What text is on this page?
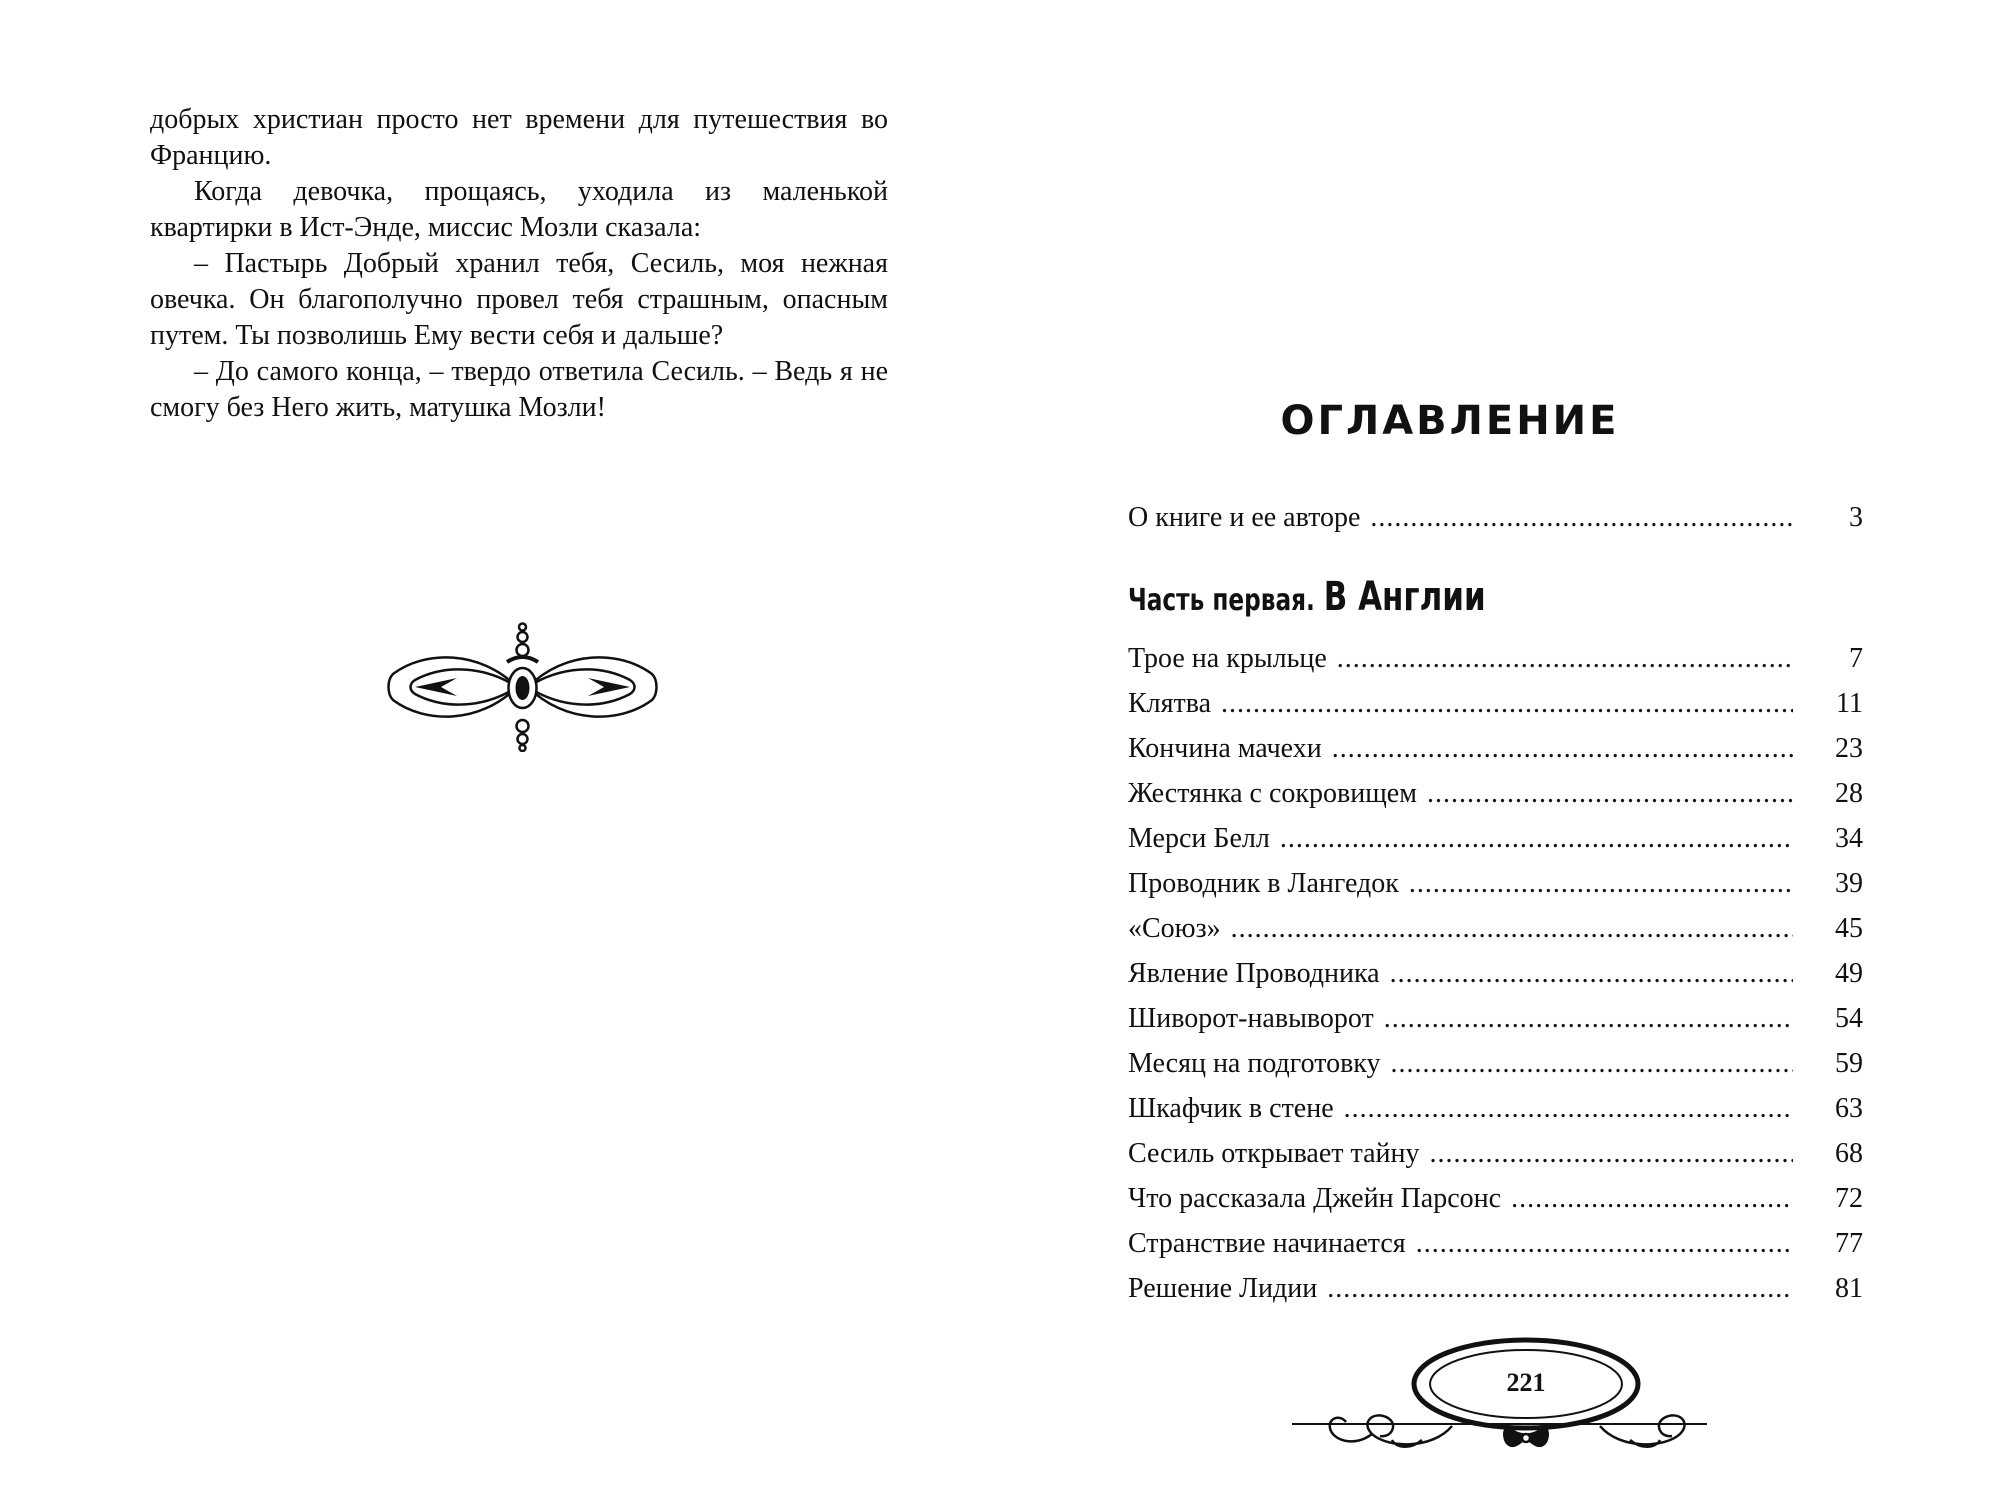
добрых христиан просто нет времени для путешествия во Францию.

Когда девочка, прощаясь, уходила из маленькой квартирки в Ист-Энде, миссис Мозли сказала:

– Пастырь Добрый хранил тебя, Сесиль, моя нежная овечка. Он благополучно провел тебя страшным, опасным путем. Ты позволишь Ему вести себя и дальше?

– До самого конца, – твердо ответила Сесиль. – Ведь я не смогу без Него жить, матушка Мозли!	ОГЛАВЛЕНИЕ
О книге и ее авторе .....	3
Часть первая. В Англии
Трое на крыльце .....	7
Клятва .....	11
Кончина мачехи .....	23
Жестянка с сокровищем .....	28
Мерси Белл .....	34
Проводник в Лангедок .....	39
«Союз» .....	45
Явление Проводника .....	49
Шиворот-навыворот .....	54
Месяц на подготовку .....	59
Шкафчик в стене .....	63
Сесиль открывает тайну .....	68
Что рассказала Джейн Парсонс .....	72
Странствие начинается .....	77
Решение Лидии .....	81
221
